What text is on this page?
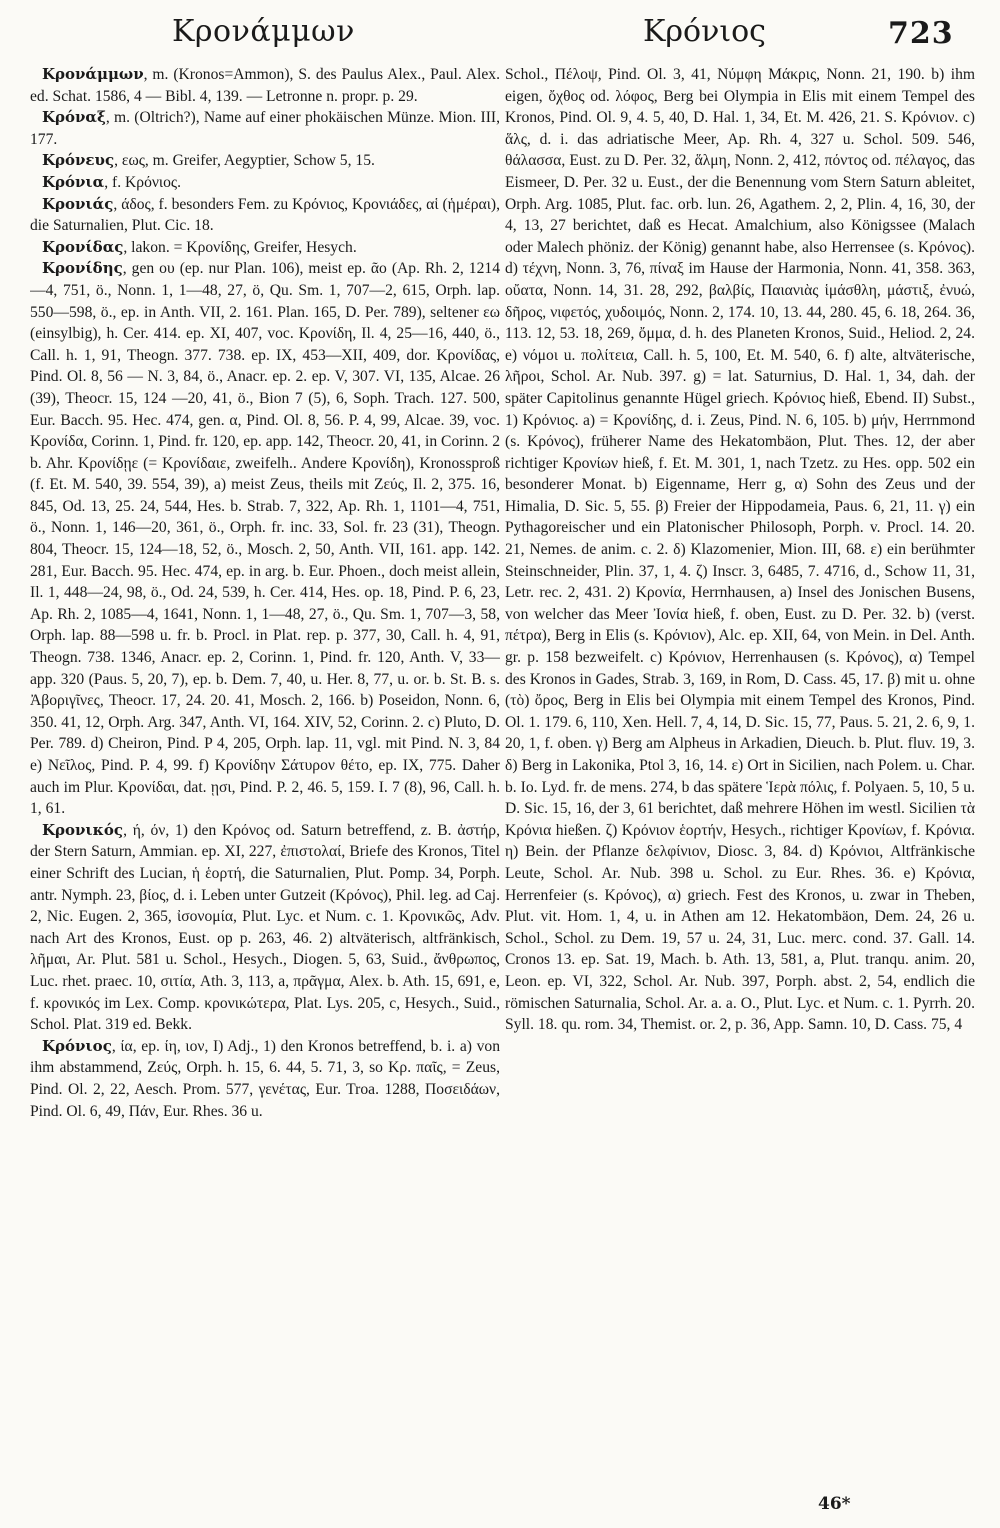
Κρονάμμων	Κρόνιος	723

Κρονάμμων, m. (Kronos=Ammon), S. des Paulus Alex., Paul. Alex. ed. Schat. 1586, 4 — Bibl. 4, 139. — Letronne n. propr. p. 29.

Κρόναξ, m. (Oltrich?), Name auf einer phokäischen Münze. Mion. III, 177.

Κρόνευς, εως, m. Greifer, Aegyptier, Schow 5, 15.

Κρόνια, f. Κρόνιος.

Κρονιάς, άδος, f. besonders Fem. zu Κρόνιος, Κρονιάδες, αἱ (ἡμέραι), die Saturnalien, Plut. Cic. 18.

Κρονίδας, lakon. = Κρονίδης, Greifer, Hesych.

Κρονίδης, gen ου (ep. nur Plan. 106), meist ep. ᾶο (Ap. Rh. 2, 1214—4, 751, ö., Nonn. 1, 1—48, 27, ö, Qu. Sm. 1, 707—2, 615, Orph. lap. 550—598, ö., ep. in Anth. VII, 2. 161. Plan. 165, D. Per. 789), seltener εω (einsylbig), h. Cer. 414. ep. XI, 407, voc. Κρονίδη, Il. 4, 25—16, 440, ö., Call. h. 1, 91, Theogn. 377. 738. ep. IX, 453—XII, 409, dor. Κρονίδας, Pind. Ol. 8, 56 — N. 3, 84, ö., Anacr. ep. 2. ep. V, 307. VI, 135, Alcae. 26 (39), Theocr. 15, 124 —20, 41, ö., Bion 7 (5), 6, Soph. Trach. 127. 500, Eur. Bacch. 95. Hec. 474, gen. α, Pind. Ol. 8, 56. P. 4, 99, Alcae. 39, voc. Κρονίδα, Corinn. 1, Pind. fr. 120, ep. app. 142, Theocr. 20, 41, in Corinn. 2 b. Ahr. Κρονίδῃε (= Κρονίδαιε, zweifelh.. Andere Κρονίδη), Kronossproß (f. Et. M. 540, 39. 554, 39), a) meist Zeus, theils mit Ζεύς, Il. 2, 375. 16, 845, Od. 13, 25. 24, 544, Hes. b. Strab. 7, 322, Ap. Rh. 1, 1101—4, 751, ö., Nonn. 1, 146—20, 361, ö., Orph. fr. inc. 33, Sol. fr. 23 (31), Theogn. 804, Theocr. 15, 124—18, 52, ö., Mosch. 2, 50, Anth. VII, 161. app. 142. 281, Eur. Bacch. 95. Hec. 474, ep. in arg. b. Eur. Phoen., doch meist allein, Il. 1, 448—24, 98, ö., Od. 24, 539, h. Cer. 414, Hes. op. 18, Pind. P. 6, 23, Ap. Rh. 2, 1085—4, 1641, Nonn. 1, 1—48, 27, ö., Qu. Sm. 1, 707—3, 58, Orph. lap. 88—598 u. fr. b. Procl. in Plat. rep. p. 377, 30, Call. h. 4, 91, Theogn. 738. 1346, Anacr. ep. 2, Corinn. 1, Pind. fr. 120, Anth. V, 33—app. 320 (Paus. 5, 20, 7), ep. b. Dem. 7, 40, u. Her. 8, 77, u. or. b. St. B. s. Ἀβοριγῖνες, Theocr. 17, 24. 20. 41, Mosch. 2, 166. b) Poseidon, Nonn. 6, 350. 41, 12, Orph. Arg. 347, Anth. VI, 164. XIV, 52, Corinn. 2. c) Pluto, D. Per. 789. d) Cheiron, Pind. P 4, 205, Orph. lap. 11, vgl. mit Pind. N. 3, 84 e) Νεῖλος, Pind. P. 4, 99. f) Κρονίδην Σάτυρον θέτο, ep. IX, 775. Daher auch im Plur. Κρονίδαι, dat. ῃσι, Pind. P. 2, 46. 5, 159. I. 7 (8), 96, Call. h. 1, 61.

Κρονικός, ή, όν, 1) den Κρόνος od. Saturn betreffend, z. B. ἀστήρ, der Stern Saturn, Ammian. ep. XI, 227, ἐπιστολαί, Briefe des Kronos, Titel einer Schrift des Lucian, ἡ ἑορτή, die Saturnalien, Plut. Pomp. 34, Porph. antr. Nymph. 23, βίος, d. i. Leben unter Gutzeit (Κρόνος), Phil. leg. ad Caj. 2, Nic. Eugen. 2, 365, ἰσονομία, Plut. Lyc. et Num. c. 1. Κρονικῶς, Adv. nach Art des Kronos, Eust. op p. 263, 46. 2) altväterisch, altfränkisch, λῆμαι, Ar. Plut. 581 u. Schol., Hesych., Diogen. 5, 63, Suid., ἄνθρωπος, Luc. rhet. praec. 10, σιτία, Ath. 3, 113, a, πρᾶγμα, Alex. b. Ath. 15, 691, e, f. κρονικός im Lex. Comp. κρονικώτερα, Plat. Lys. 205, c, Hesych., Suid., Schol. Plat. 319 ed. Bekk.

Κρόνιος, ία, ep. ίη, ιον, I) Adj., 1) den Kronos betreffend, b. i. a) von ihm abstammend, Ζεύς, Orph. h. 15, 6. 44, 5. 71, 3, so Κρ. παῖς, = Zeus, Pind. Ol. 2, 22, Aesch. Prom. 577, γενέτας, Eur. Troa. 1288, Ποσειδάων, Pind. Ol. 6, 49, Πάν, Eur. Rhes. 36 u.

Schol., Πέλοψ, Pind. Ol. 3, 41, Νύμφη Μάκρις, Nonn. 21, 190. b) ihm eigen, ὄχθος od. λόφος, Berg bei Olympia in Elis mit einem Tempel des Kronos, Pind. Ol. 9, 4. 5, 40, D. Hal. 1, 34, Et. M. 426, 21. S. Κρόνιον. c) ἅλς, d. i. das adriatische Meer, Ap. Rh. 4, 327 u. Schol. 509. 546, θάλασσα, Eust. zu D. Per. 32, ἅλμη, Nonn. 2, 412, πόντος od. πέλαγος, das Eismeer, D. Per. 32 u. Eust., der die Benennung vom Stern Saturn ableitet, Orph. Arg. 1085, Plut. fac. orb. lun. 26, Agathem. 2, 2, Plin. 4, 16, 30, der 4, 13, 27 berichtet, daß es Hecat. Amalchium, also Königssee (Malach oder Malech phöniz. der König) genannt habe, also Herrensee (s. Κρόνος). d) τέχνη, Nonn. 3, 76, πίναξ im Hause der Harmonia, Nonn. 41, 358. 363, οὔατα, Nonn. 14, 31. 28, 292, βαλβίς, Παιανιὰς ἱμάσθλη, μάστιξ, ἐνυώ, δῆρος, νιφετός, χυδοιμός, Nonn. 2, 174. 10, 13. 44, 280. 45, 6. 18, 264. 36, 113. 12, 53. 18, 269, ὄμμα, d. h. des Planeten Kronos, Suid., Heliod. 2, 24. e) νόμοι u. πολίτεια, Call. h. 5, 100, Et. M. 540, 6. f) alte, altväterische, λῆροι, Schol. Ar. Nub. 397. g) = lat. Saturnius, D. Hal. 1, 34, dah. der später Capitolinus genannte Hügel griech. Κρόνιος hieß, Ebend. II) Subst., 1) Κρόνιος. a) = Κρονίδης, d. i. Zeus, Pind. N. 6, 105. b) μήν, Herrnmond (s. Κρόνος), früherer Name des Hekatombäon, Plut. Thes. 12, der aber richtiger Κρονίων hieß, f. Et. M. 301, 1, nach Tzetz. zu Hes. opp. 502 ein besonderer Monat. b) Eigenname, Herr g, α) Sohn des Zeus und der Himalia, D. Sic. 5, 55. β) Freier der Hippodameia, Paus. 6, 21, 11. γ) ein Pythagoreischer und ein Platonischer Philosoph, Porph. v. Procl. 14. 20. 21, Nemes. de anim. c. 2. δ) Klazomenier, Mion. III, 68. ε) ein berühmter Steinschneider, Plin. 37, 1, 4. ζ) Inscr. 3, 6485, 7. 4716, d., Schow 11, 31, Letr. rec. 2, 431. 2) Κρονία, Herrnhausen, a) Insel des Jonischen Busens, von welcher das Meer Ἰονία hieß, f. oben, Eust. zu D. Per. 32. b) (verst. πέτρα), Berg in Elis (s. Κρόνιον), Alc. ep. XII, 64, von Mein. in Del. Anth. gr. p. 158 bezweifelt. c) Κρόνιον, Herrenhausen (s. Κρόνος), α) Tempel des Kronos in Gades, Strab. 3, 169, in Rom, D. Cass. 45, 17. β) mit u. ohne (τὸ) ὄρος, Berg in Elis bei Olympia mit einem Tempel des Kronos, Pind. Ol. 1. 179. 6, 110, Xen. Hell. 7, 4, 14, D. Sic. 15, 77, Paus. 5. 21, 2. 6, 9, 1. 20, 1, f. oben. γ) Berg am Alpheus in Arkadien, Dieuch. b. Plut. fluv. 19, 3. δ) Berg in Lakonika, Ptol 3, 16, 14. ε) Ort in Sicilien, nach Polem. u. Char. b. Io. Lyd. fr. de mens. 274, b das spätere Ἱερὰ πόλις, f. Polyaen. 5, 10, 5 u. D. Sic. 15, 16, der 3, 61 berichtet, daß mehrere Höhen im westl. Sicilien τὰ Κρόνια hießen. ζ) Κρόνιον ἑορτήν, Hesych., richtiger Κρονίων, f. Κρόνια. η) Bein. der Pflanze δελφίνιον, Diosc. 3, 84. d) Κρόνιοι, Altfränkische Leute, Schol. Ar. Nub. 398 u. Schol. zu Eur. Rhes. 36. e) Κρόνια, Herrenfeier (s. Κρόνος), α) griech. Fest des Kronos, u. zwar in Theben, Plut. vit. Hom. 1, 4, u. in Athen am 12. Hekatombäon, Dem. 24, 26 u. Schol., Schol. zu Dem. 19, 57 u. 24, 31, Luc. merc. cond. 37. Gall. 14. Cronos 13. ep. Sat. 19, Mach. b. Ath. 13, 581, a, Plut. tranqu. anim. 20, Leon. ep. VI, 322, Schol. Ar. Nub. 397, Porph. abst. 2, 54, endlich die römischen Saturnalia, Schol. Ar. a. a. O., Plut. Lyc. et Num. c. 1. Pyrrh. 20. Syll. 18. qu. rom. 34, Themist. or. 2, p. 36, App. Samn. 10, D. Cass. 75, 4

46*
